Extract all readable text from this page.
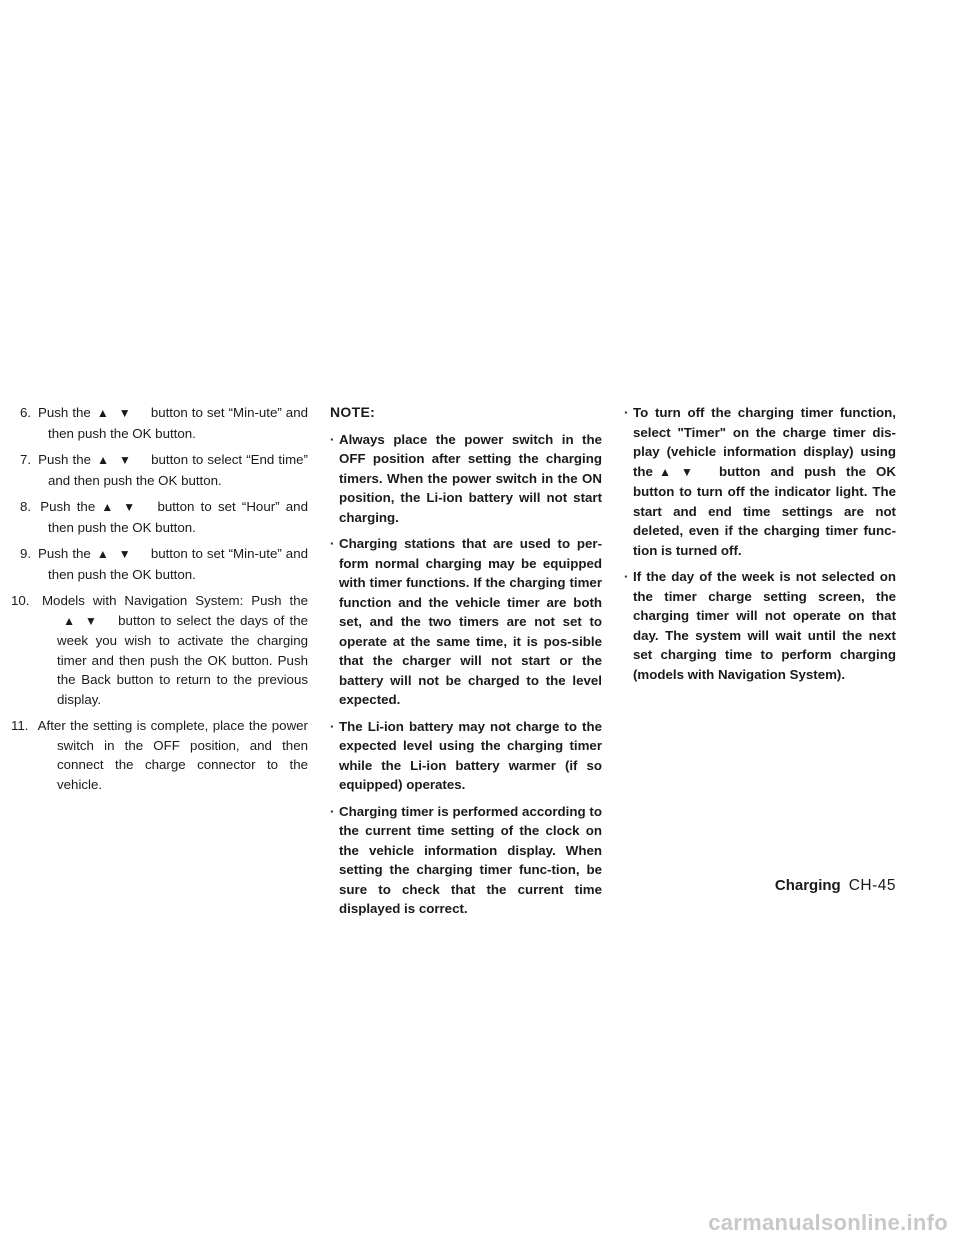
6. Push the ▲▼ button to set “Min-ute” and then push the OK button.

7. Push the ▲▼ button to select “End time” and then push the OK button.

8. Push the ▲▼ button to set “Hour” and then push the OK button.

9. Push the ▲▼ button to set “Min-ute” and then push the OK button.

10. Models with Navigation System: Push the▲▼ button to select the days of the week you wish to activate the charging timer and then push the OK button. Push the Back button to return to the previous display.

11. After the setting is complete, place the power switch in the OFF position, and then connect the charge connector to the vehicle.

NOTE:

· Always place the power switch in the OFF position after setting the charging timers. When the power switch in the ON position, the Li-ion battery will not start charging.

· Charging stations that are used to per-form normal charging may be equipped with timer functions. If the charging timer function and the vehicle timer are both set, and the two timers are not set to operate at the same time, it is pos-sible that the charger will not start or the battery will not be charged to the level expected.

· The Li-ion battery may not charge to the expected level using the charging timer while the Li-ion battery warmer (if so equipped) operates.

· Charging timer is performed according to the current time setting of the clock on the vehicle information display. When setting the charging timer func-tion, be sure to check that the current time displayed is correct.

· To turn off the charging timer function, select "Timer" on the charge timer dis-play (vehicle information display) using the ▲▼ button and push the OK button to turn off the indicator light. The start and end time settings are not deleted, even if the charging timer func-tion is turned off.

· If the day of the week is not selected on the timer charge setting screen, the charging timer will not operate on that day. The system will wait until the next set charging time to perform charging (models with Navigation System).

Charging CH-45
carmanualsonline.info
